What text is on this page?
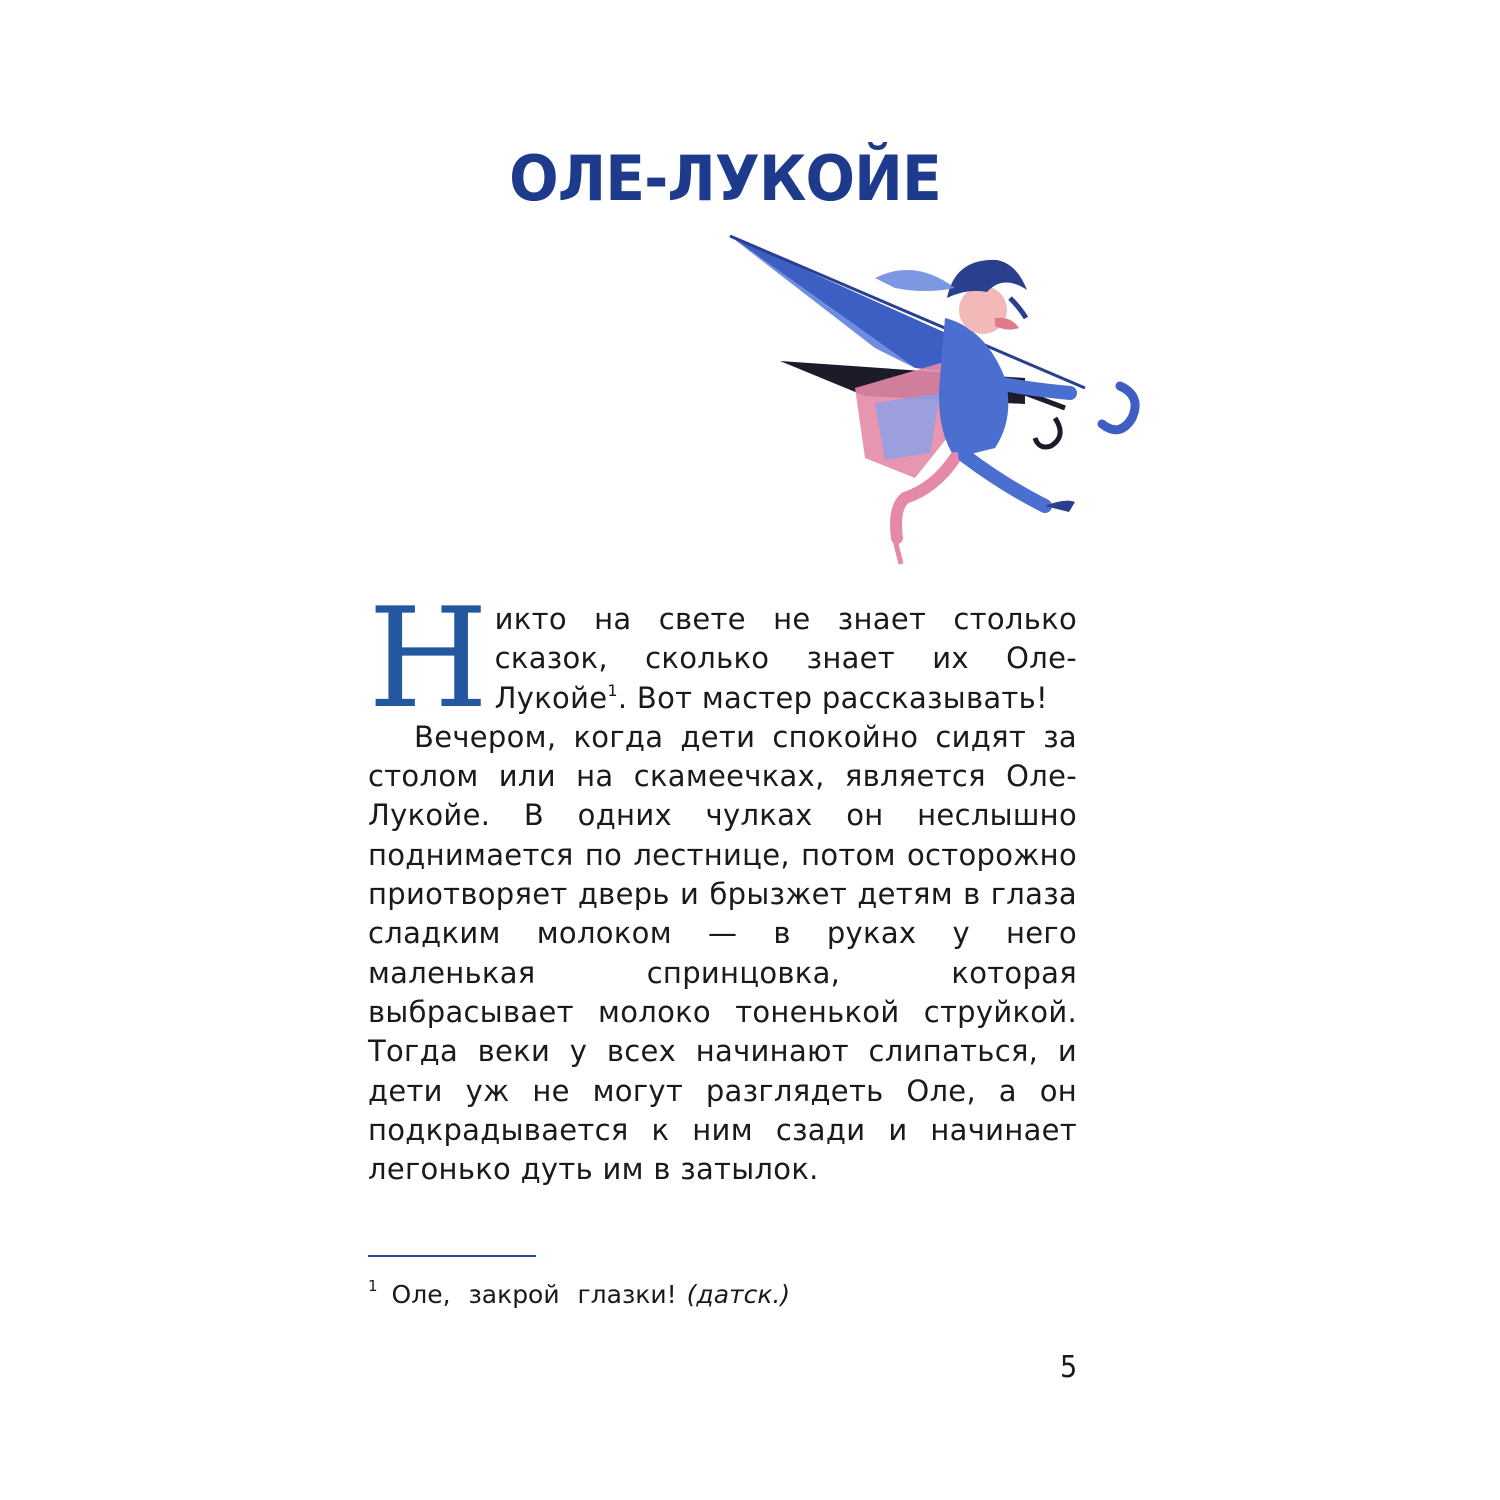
ОЛЕ-ЛУКОЙЕ

Никто на свете не знает столько сказок, сколько знает их Оле-Лукойе$^1$. Вот мастер рассказывать!

Вечером, когда дети спокойно сидят за столом или на скамеечках, является Оле-Лукойе. В одних чулках он неслышно поднимается по лестнице, потом осторожно приотворяет дверь и брызжет детям в глаза сладким молоком — в руках у него маленькая спринцовка, которая выбрасывает молоко тоненькой струйкой. Тогда веки у всех начинают слипаться, и дети уж не могут разглядеть Оле, а он подкрадывается к ним сзади и начинает легонько дуть им в затылок.

$^1$ Оле, закрой глазки! (датск.)
5
